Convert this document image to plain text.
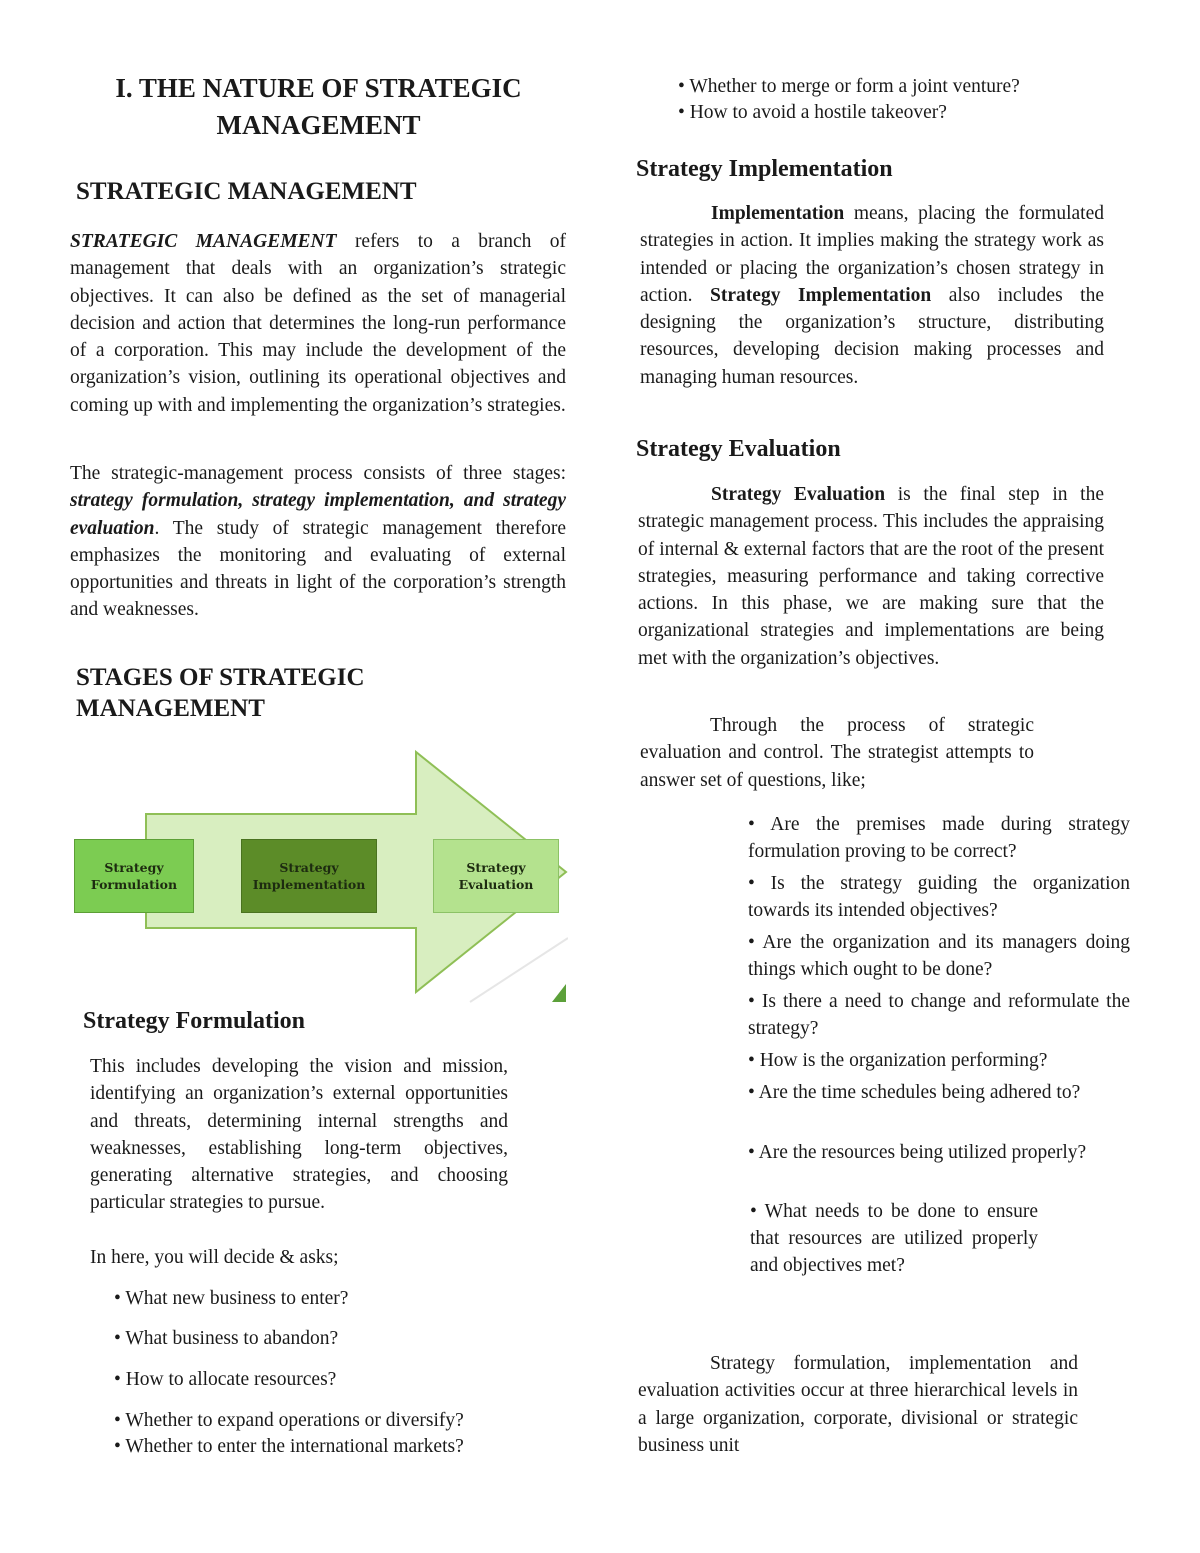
I. THE NATURE OF STRATEGIC
MANAGEMENT
STRATEGIC MANAGEMENT

STRATEGIC MANAGEMENT refers to a branch of management that deals with an organization’s strategic objectives. It can also be defined as the set of managerial decision and action that determines the long-run performance of a corporation. This may include the development of the organization’s vision, outlining its operational objectives and coming up with and implementing the organization’s strategies.

The strategic-management process consists of three stages: strategy formulation, strategy implementation, and strategy evaluation. The study of strategic management therefore emphasizes the monitoring and evaluating of external opportunities and threats in light of the corporation’s strength and weaknesses.

STAGES OF STRATEGIC
MANAGEMENT
Strategy
Formulation
Strategy
Implementation
Strategy
Evaluation
Strategy Formulation
This includes developing the vision and mission, identifying an organization’s external opportunities and threats, determining internal strengths and weaknesses, establishing long-term objectives, generating alternative strategies, and choosing particular strategies to pursue.
In here, you will decide & asks;
• What new business to enter?
• What business to abandon?
• How to allocate resources?
• Whether to expand operations or diversify?
• Whether to enter the international markets?
• Whether to merge or form a joint venture?
• How to avoid a hostile takeover?
Strategy Implementation

Implementation means, placing the formulated strategies in action. It implies making the strategy work as intended or placing the organization’s chosen strategy in action. Strategy Implementation also includes the designing the organization’s structure, distributing resources, developing decision making processes and managing human resources.

Strategy Evaluation

Strategy Evaluation is the final step in the strategic management process. This includes the appraising of internal & external factors that are the root of the present strategies, measuring performance and taking corrective actions. In this phase, we are making sure that the organizational strategies and implementations are being met with the organization’s objectives.

Through the process of strategic evaluation and control. The strategist attempts to answer set of questions, like;
• Are the premises made during strategy formulation proving to be correct?
• Is the strategy guiding the organization towards its intended objectives?
• Are the organization and its managers doing things which ought to be done?
• Is there a need to change and reformulate the strategy?
• How is the organization performing?
• Are the time schedules being adhered to?
• Are the resources being utilized properly?
• What needs to be done to ensure that resources are utilized properly and objectives met?
Strategy formulation, implementation and evaluation activities occur at three hierarchical levels in a large organization, corporate, divisional or strategic business unit
